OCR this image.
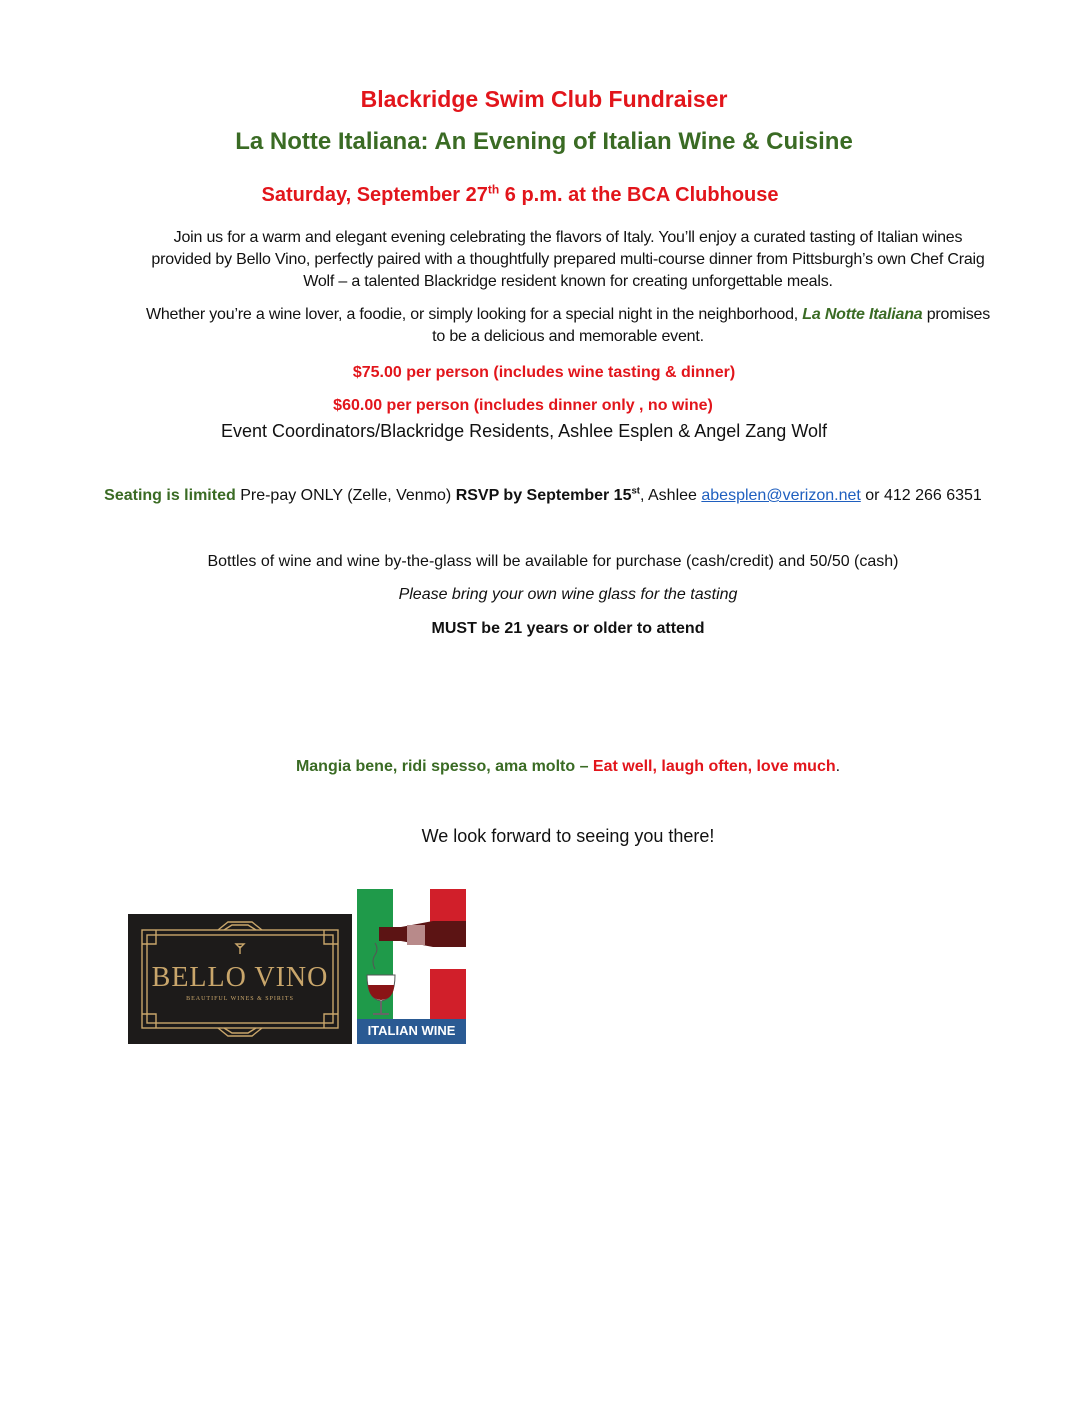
Blackridge Swim Club Fundraiser
La Notte Italiana: An Evening of Italian Wine & Cuisine
Saturday, September 27th 6 p.m. at the BCA Clubhouse
Join us for a warm and elegant evening celebrating the flavors of Italy. You’ll enjoy a curated tasting of Italian wines
provided by Bello Vino, perfectly paired with a thoughtfully prepared multi-course dinner from Pittsburgh’s own Chef Craig
Wolf – a talented Blackridge resident known for creating unforgettable meals.
Whether you’re a wine lover, a foodie, or simply looking for a special night in the neighborhood, La Notte Italiana promises
to be a delicious and memorable event.
$75.00 per person (includes wine tasting & dinner)
$60.00 per person (includes dinner only , no wine)
Event Coordinators/Blackridge Residents, Ashlee Esplen & Angel Zang Wolf
Seating is limited Pre-pay ONLY (Zelle, Venmo) RSVP by September 15st, Ashlee abesplen@verizon.net or 412 266 6351
Bottles of wine and wine by-the-glass will be available for purchase (cash/credit) and 50/50 (cash)
Please bring your own wine glass for the tasting
MUST be 21 years or older to attend
Mangia bene, ridi spesso, ama molto – Eat well, laugh often, love much.
We look forward to seeing you there!
BELLO VINO
BEAUTIFUL WINES & SPIRITS
ITALIAN WINE
